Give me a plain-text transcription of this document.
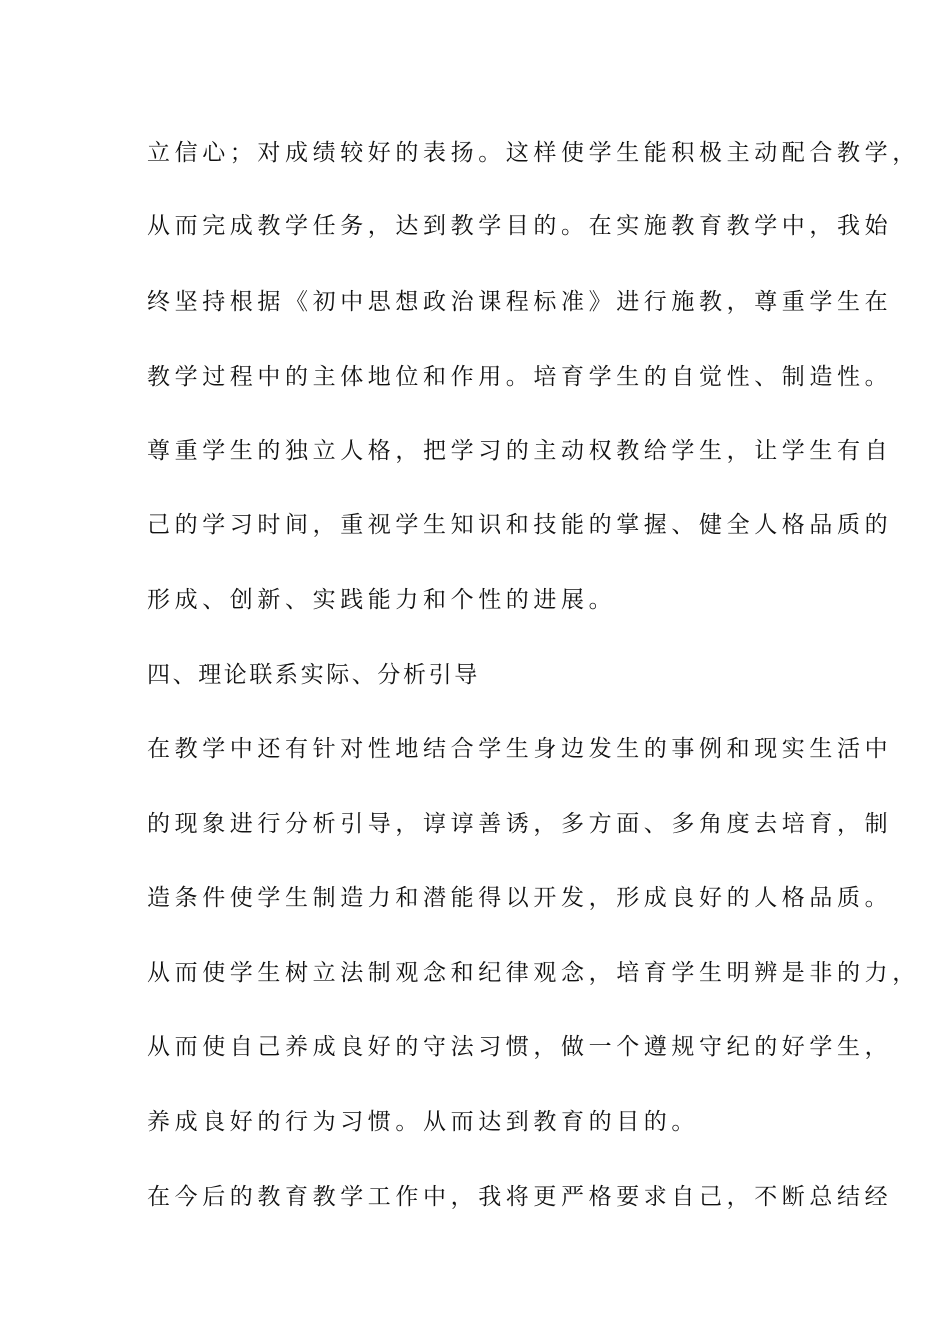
立信心；对成绩较好的表扬。这样使学生能积极主动配合教学，
从而完成教学任务，达到教学目的。在实施教育教学中，我始
终坚持根据《初中思想政治课程标准》进行施教，尊重学生在
教学过程中的主体地位和作用。培育学生的自觉性、制造性。
尊重学生的独立人格，把学习的主动权教给学生，让学生有自
己的学习时间，重视学生知识和技能的掌握、健全人格品质的
形成、创新、实践能力和个性的进展。
四、理论联系实际、分析引导
在教学中还有针对性地结合学生身边发生的事例和现实生活中
的现象进行分析引导，谆谆善诱，多方面、多角度去培育，制
造条件使学生制造力和潜能得以开发，形成良好的人格品质。
从而使学生树立法制观念和纪律观念，培育学生明辨是非的力，
从而使自己养成良好的守法习惯，做一个遵规守纪的好学生，
养成良好的行为习惯。从而达到教育的目的。
在今后的教育教学工作中，我将更严格要求自己，不断总结经
